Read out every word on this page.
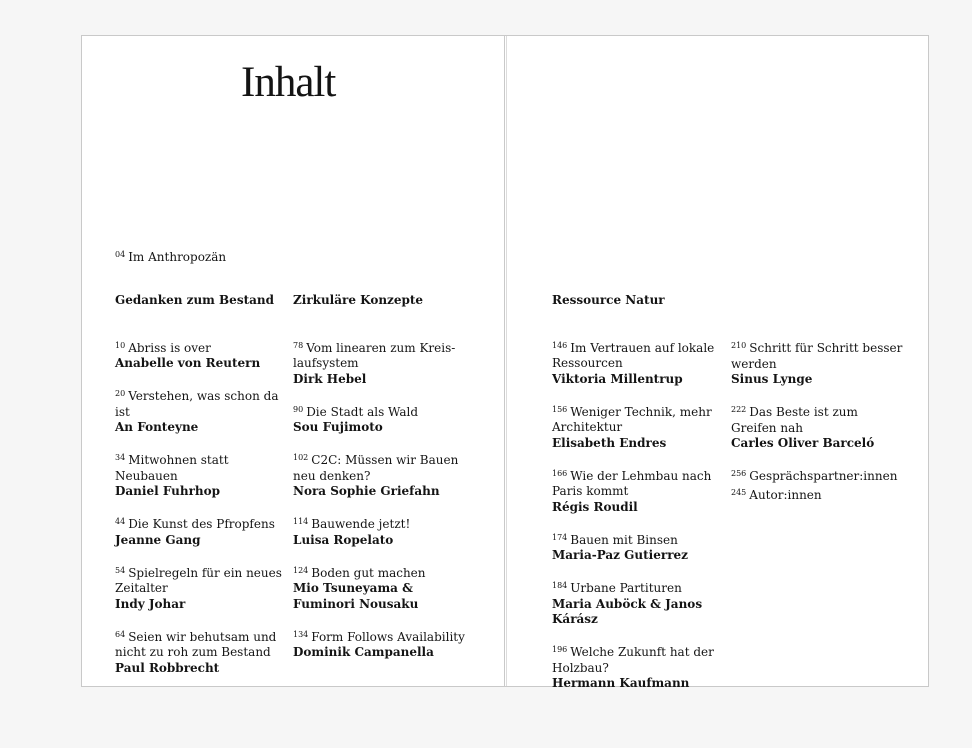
Inhalt
$^{04}$ Im Anthropozän
Gedanken zum Bestand
$^{10}$ Abriss is over
Anabelle von Reutern
$^{20}$ Verstehen, was schon da ist
An Fonteyne
$^{34}$ Mitwohnen statt Neubauen
Daniel Fuhrhop
$^{44}$ Die Kunst des Pfropfens
Jeanne Gang
$^{54}$ Spielregeln für ein neues Zeitalter
Indy Johar
$^{64}$ Seien wir behutsam und nicht zu roh zum Bestand
Paul Robbrecht
Zirkuläre Konzepte
$^{78}$ Vom linearen zum Kreis-laufsystem
Dirk Hebel
$^{90}$ Die Stadt als Wald
Sou Fujimoto
$^{102}$ C2C: Müssen wir Bauen neu denken?
Nora Sophie Griefahn
$^{114}$ Bauwende jetzt!
Luisa Ropelato
$^{124}$ Boden gut machen
Mio Tsuneyama & Fuminori Nousaku
$^{134}$ Form Follows Availability
Dominik Campanella
Ressource Natur
$^{146}$ Im Vertrauen auf lokale Ressourcen
Viktoria Millentrup
$^{156}$ Weniger Technik, mehr Architektur
Elisabeth Endres
$^{166}$ Wie der Lehmbau nach Paris kommt
Régis Roudil
$^{174}$ Bauen mit Binsen
Maria-Paz Gutierrez
$^{184}$ Urbane Partituren
Maria Auböck & Janos Kárász
$^{196}$ Welche Zukunft hat der Holzbau?
Hermann Kaufmann
$^{210}$ Schritt für Schritt besser werden
Sinus Lynge
$^{222}$ Das Beste ist zum Greifen nah
Carles Oliver Barceló
$^{256}$ Gesprächspartner:innen
$^{245}$ Autor:innen
